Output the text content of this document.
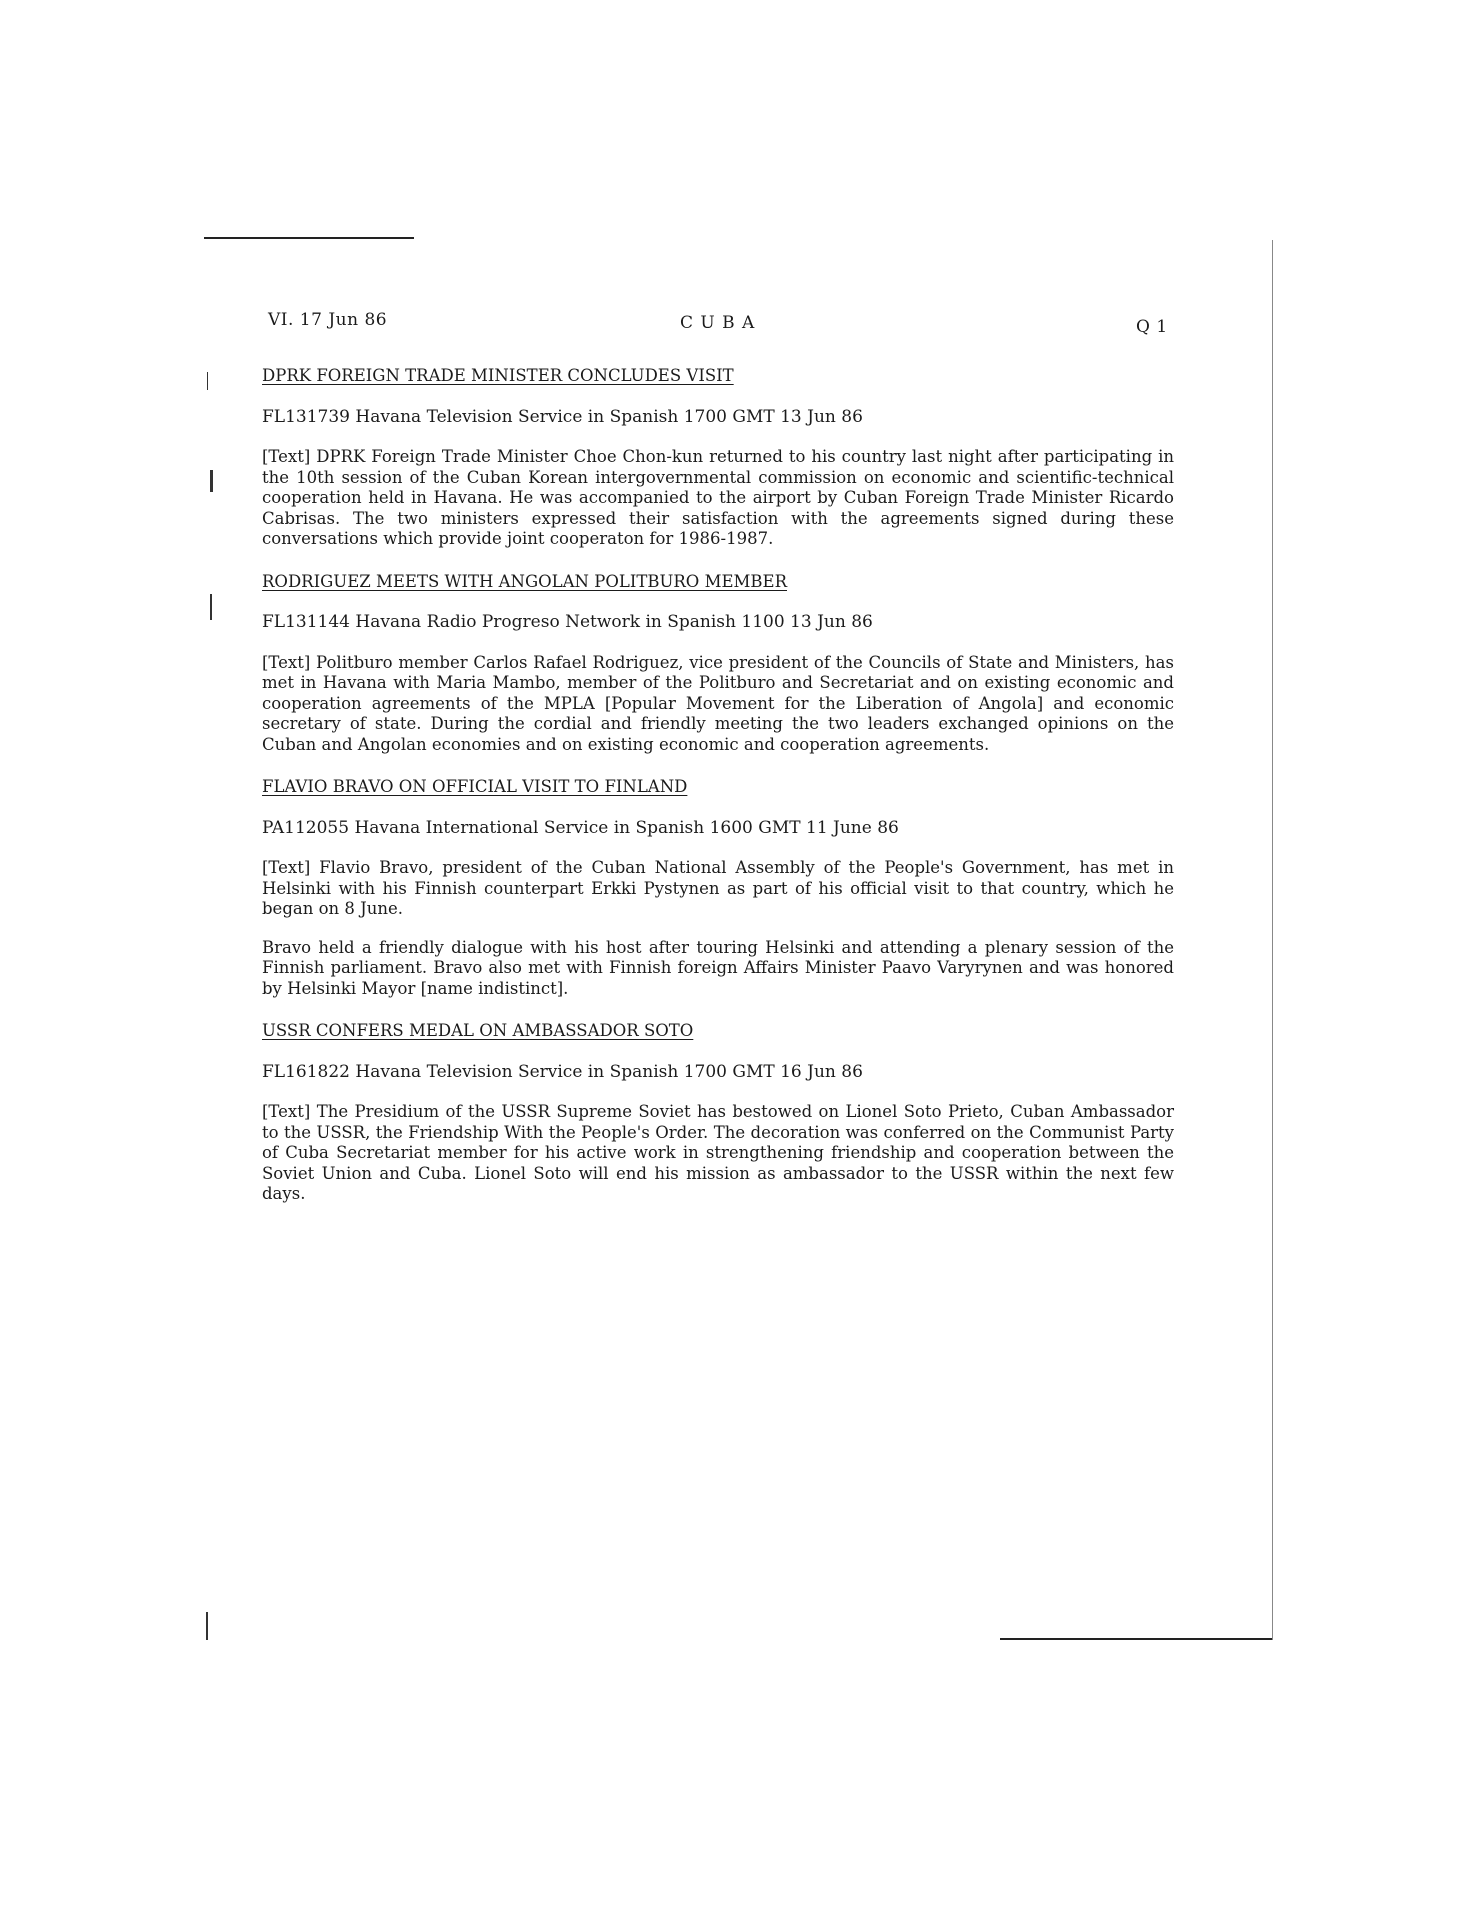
VI. 17 Jun 86	C U B A	Q 1
DPRK FOREIGN TRADE MINISTER CONCLUDES VISIT

FL131739 Havana Television Service in Spanish 1700 GMT 13 Jun 86

[Text] DPRK Foreign Trade Minister Choe Chon-kun returned to his country last night after participating in the 10th session of the Cuban Korean intergovernmental commission on economic and scientific-technical cooperation held in Havana. He was accompanied to the airport by Cuban Foreign Trade Minister Ricardo Cabrisas. The two ministers expressed their satisfaction with the agreements signed during these conversations which provide joint cooperaton for 1986-1987.

RODRIGUEZ MEETS WITH ANGOLAN POLITBURO MEMBER

FL131144 Havana Radio Progreso Network in Spanish 1100 13 Jun 86

[Text] Politburo member Carlos Rafael Rodriguez, vice president of the Councils of State and Ministers, has met in Havana with Maria Mambo, member of the Politburo and Secretariat and on existing economic and cooperation agreements of the MPLA [Popular Movement for the Liberation of Angola] and economic secretary of state. During the cordial and friendly meeting the two leaders exchanged opinions on the Cuban and Angolan economies and on existing economic and cooperation agreements.

FLAVIO BRAVO ON OFFICIAL VISIT TO FINLAND

PA112055 Havana International Service in Spanish 1600 GMT 11 June 86

[Text] Flavio Bravo, president of the Cuban National Assembly of the People's Government, has met in Helsinki with his Finnish counterpart Erkki Pystynen as part of his official visit to that country, which he began on 8 June.

Bravo held a friendly dialogue with his host after touring Helsinki and attending a plenary session of the Finnish parliament. Bravo also met with Finnish foreign Affairs Minister Paavo Varyrynen and was honored by Helsinki Mayor [name indistinct].

USSR CONFERS MEDAL ON AMBASSADOR SOTO

FL161822 Havana Television Service in Spanish 1700 GMT 16 Jun 86

[Text] The Presidium of the USSR Supreme Soviet has bestowed on Lionel Soto Prieto, Cuban Ambassador to the USSR, the Friendship With the People's Order. The decoration was conferred on the Communist Party of Cuba Secretariat member for his active work in strengthening friendship and cooperation between the Soviet Union and Cuba. Lionel Soto will end his mission as ambassador to the USSR within the next few days.
